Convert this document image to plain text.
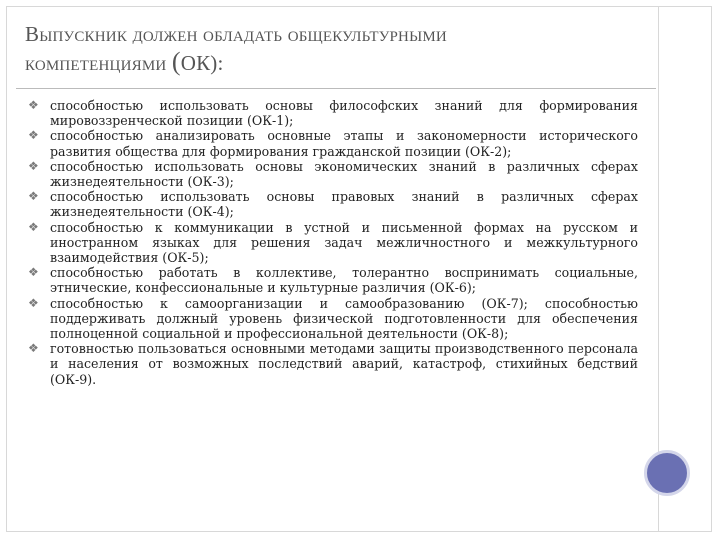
Выпускник должен обладать общекультурными
компетенциями (ОК):
❖ способностью использовать основы философских знаний для формирования мировоззренческой позиции (ОК-1);
❖ способностью анализировать основные этапы и закономерности исторического развития общества для формирования гражданской позиции (ОК-2);
❖ способностью использовать основы экономических знаний в различных сферах жизнедеятельности (ОК-3);
❖ способностью использовать основы правовых знаний в различных сферах жизнедеятельности (ОК-4);
❖ способностью к коммуникации в устной и письменной формах на русском и иностранном языках для решения задач межличностного и межкультурного взаимодействия (ОК-5);
❖ способностью работать в коллективе, толерантно воспринимать социальные, этнические, конфессиональные и культурные различия (ОК-6);
❖ способностью к самоорганизации и самообразованию (ОК-7); способностью поддерживать должный уровень физической подготовленности для обеспечения полноценной социальной и профессиональной деятельности (ОК-8);
❖ готовностью пользоваться основными методами защиты производственного персонала и населения от возможных последствий аварий, катастроф, стихийных бедствий (ОК-9).
